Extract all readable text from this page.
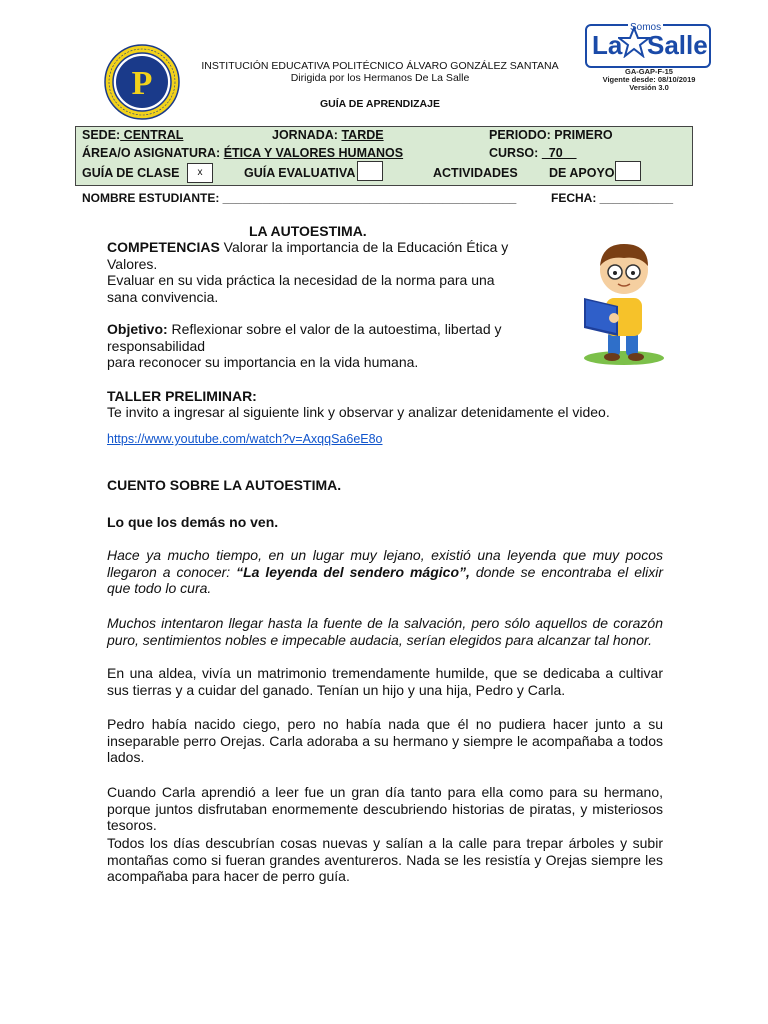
P	INSTITUCIÓN EDUCATIVA POLITÉCNICO ÁLVARO GONZÁLEZ SANTANA
Dirigida por los Hermanos De La Salle
GUÍA DE APRENDIZAJE
Somos
La Salle
GA-GAP-F-15
Vigente desde: 08/10/2019
Versión 3.0
SEDE: CENTRAL	JORNADA: TARDE	PERIODO: PRIMERO
ÁREA/O ASIGNATURA: ÉTICA Y VALORES HUMANOS	CURSO:   70
GUÍA DE CLASE	x	GUÍA EVALUATIVA	ACTIVIDADES	DE APOYO
NOMBRE ESTUDIANTE: ____________________________________________	FECHA: ___________
LA AUTOESTIMA.
COMPETENCIAS Valorar la importancia de la Educación Ética y
Valores.
Evaluar en su vida práctica la necesidad de la norma para una
sana convivencia.
Objetivo: Reflexionar sobre el valor de la autoestima, libertad y
responsabilidad
para reconocer su importancia en la vida humana.
TALLER PRELIMINAR:
Te invito a ingresar al siguiente link y observar y analizar detenidamente el video.
https://www.youtube.com/watch?v=AxqqSa6eE8o
CUENTO SOBRE LA AUTOESTIMA.
Lo que los demás no ven.
Hace ya mucho tiempo, en un lugar muy lejano, existió una leyenda que muy pocos llegaron a conocer: “La leyenda del sendero mágico”, donde se encontraba el elixir que todo lo cura.
Muchos intentaron llegar hasta la fuente de la salvación, pero sólo aquellos de corazón puro, sentimientos nobles e impecable audacia, serían elegidos para alcanzar tal honor.
En una aldea, vivía un matrimonio tremendamente humilde, que se dedicaba a cultivar sus tierras y a cuidar del ganado. Tenían un hijo y una hija, Pedro y Carla.
Pedro había nacido ciego, pero no había nada que él no pudiera hacer junto a su inseparable perro Orejas. Carla adoraba a su hermano y siempre le acompañaba a todos lados.
Cuando Carla aprendió a leer fue un gran día tanto para ella como para su hermano, porque juntos disfrutaban enormemente descubriendo historias de piratas, y misteriosos tesoros.
Todos los días descubrían cosas nuevas y salían a la calle para trepar árboles y subir montañas como si fueran grandes aventureros. Nada se les resistía y Orejas siempre les acompañaba para hacer de perro guía.
